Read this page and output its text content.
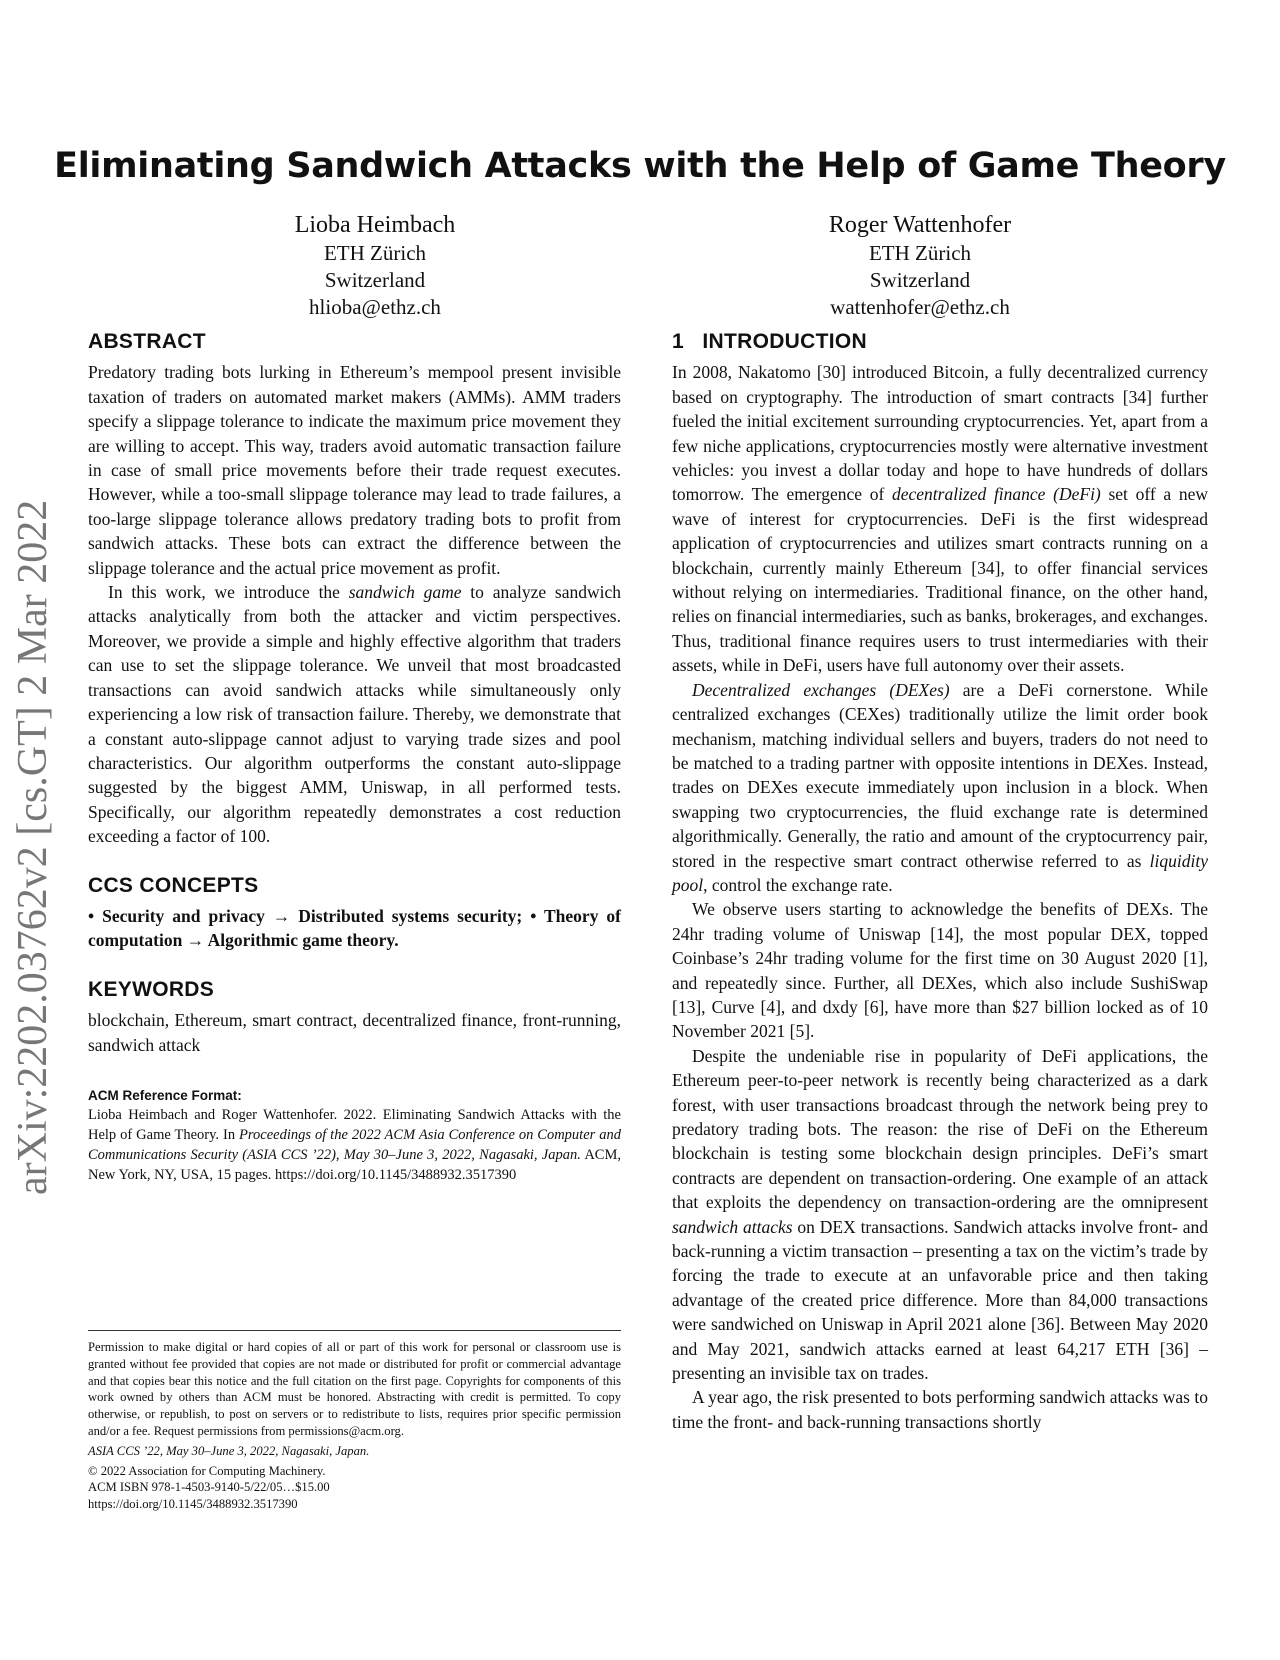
Eliminating Sandwich Attacks with the Help of Game Theory
Lioba Heimbach
ETH Zürich
Switzerland
hlioba@ethz.ch
Roger Wattenhofer
ETH Zürich
Switzerland
wattenhofer@ethz.ch
arXiv:2202.03762v2 [cs.GT] 2 Mar 2022
ABSTRACT

Predatory trading bots lurking in Ethereum’s mempool present invisible taxation of traders on automated market makers (AMMs). AMM traders specify a slippage tolerance to indicate the maximum price movement they are willing to accept. This way, traders avoid automatic transaction failure in case of small price movements before their trade request executes. However, while a too-small slippage tolerance may lead to trade failures, a too-large slippage tolerance allows predatory trading bots to profit from sandwich attacks. These bots can extract the difference between the slippage tolerance and the actual price movement as profit.

In this work, we introduce the sandwich game to analyze sandwich attacks analytically from both the attacker and victim perspectives. Moreover, we provide a simple and highly effective algorithm that traders can use to set the slippage tolerance. We unveil that most broadcasted transactions can avoid sandwich attacks while simultaneously only experiencing a low risk of transaction failure. Thereby, we demonstrate that a constant auto-slippage cannot adjust to varying trade sizes and pool characteristics. Our algorithm outperforms the constant auto-slippage suggested by the biggest AMM, Uniswap, in all performed tests. Specifically, our algorithm repeatedly demonstrates a cost reduction exceeding a factor of 100.

CCS CONCEPTS

• Security and privacy → Distributed systems security; • Theory of computation → Algorithmic game theory.

KEYWORDS

blockchain, Ethereum, smart contract, decentralized finance, front-running, sandwich attack

ACM Reference Format:

Lioba Heimbach and Roger Wattenhofer. 2022. Eliminating Sandwich Attacks with the Help of Game Theory. In Proceedings of the 2022 ACM Asia Conference on Computer and Communications Security (ASIA CCS ’22), May 30–June 3, 2022, Nagasaki, Japan. ACM, New York, NY, USA, 15 pages. https://doi.org/10.1145/3488932.3517390

Permission to make digital or hard copies of all or part of this work for personal or classroom use is granted without fee provided that copies are not made or distributed for profit or commercial advantage and that copies bear this notice and the full citation on the first page. Copyrights for components of this work owned by others than ACM must be honored. Abstracting with credit is permitted. To copy otherwise, or republish, to post on servers or to redistribute to lists, requires prior specific permission and/or a fee. Request permissions from permissions@acm.org.

ASIA CCS ’22, May 30–June 3, 2022, Nagasaki, Japan.

© 2022 Association for Computing Machinery.

ACM ISBN 978-1-4503-9140-5/22/05…$15.00

https://doi.org/10.1145/3488932.3517390

1   INTRODUCTION

In 2008, Nakatomo [30] introduced Bitcoin, a fully decentralized currency based on cryptography. The introduction of smart contracts [34] further fueled the initial excitement surrounding cryptocurrencies. Yet, apart from a few niche applications, cryptocurrencies mostly were alternative investment vehicles: you invest a dollar today and hope to have hundreds of dollars tomorrow. The emergence of decentralized finance (DeFi) set off a new wave of interest for cryptocurrencies. DeFi is the first widespread application of cryptocurrencies and utilizes smart contracts running on a blockchain, currently mainly Ethereum [34], to offer financial services without relying on intermediaries. Traditional finance, on the other hand, relies on financial intermediaries, such as banks, brokerages, and exchanges. Thus, traditional finance requires users to trust intermediaries with their assets, while in DeFi, users have full autonomy over their assets.

Decentralized exchanges (DEXes) are a DeFi cornerstone. While centralized exchanges (CEXes) traditionally utilize the limit order book mechanism, matching individual sellers and buyers, traders do not need to be matched to a trading partner with opposite intentions in DEXes. Instead, trades on DEXes execute immediately upon inclusion in a block. When swapping two cryptocurrencies, the fluid exchange rate is determined algorithmically. Generally, the ratio and amount of the cryptocurrency pair, stored in the respective smart contract otherwise referred to as liquidity pool, control the exchange rate.

We observe users starting to acknowledge the benefits of DEXs. The 24hr trading volume of Uniswap [14], the most popular DEX, topped Coinbase’s 24hr trading volume for the first time on 30 August 2020 [1], and repeatedly since. Further, all DEXes, which also include SushiSwap [13], Curve [4], and dxdy [6], have more than $27 billion locked as of 10 November 2021 [5].

Despite the undeniable rise in popularity of DeFi applications, the Ethereum peer-to-peer network is recently being characterized as a dark forest, with user transactions broadcast through the network being prey to predatory trading bots. The reason: the rise of DeFi on the Ethereum blockchain is testing some blockchain design principles. DeFi’s smart contracts are dependent on transaction-ordering. One example of an attack that exploits the dependency on transaction-ordering are the omnipresent sandwich attacks on DEX transactions. Sandwich attacks involve front- and back-running a victim transaction – presenting a tax on the victim’s trade by forcing the trade to execute at an unfavorable price and then taking advantage of the created price difference. More than 84,000 transactions were sandwiched on Uniswap in April 2021 alone [36]. Between May 2020 and May 2021, sandwich attacks earned at least 64,217 ETH [36] – presenting an invisible tax on trades.

A year ago, the risk presented to bots performing sandwich attacks was to time the front- and back-running transactions shortly
